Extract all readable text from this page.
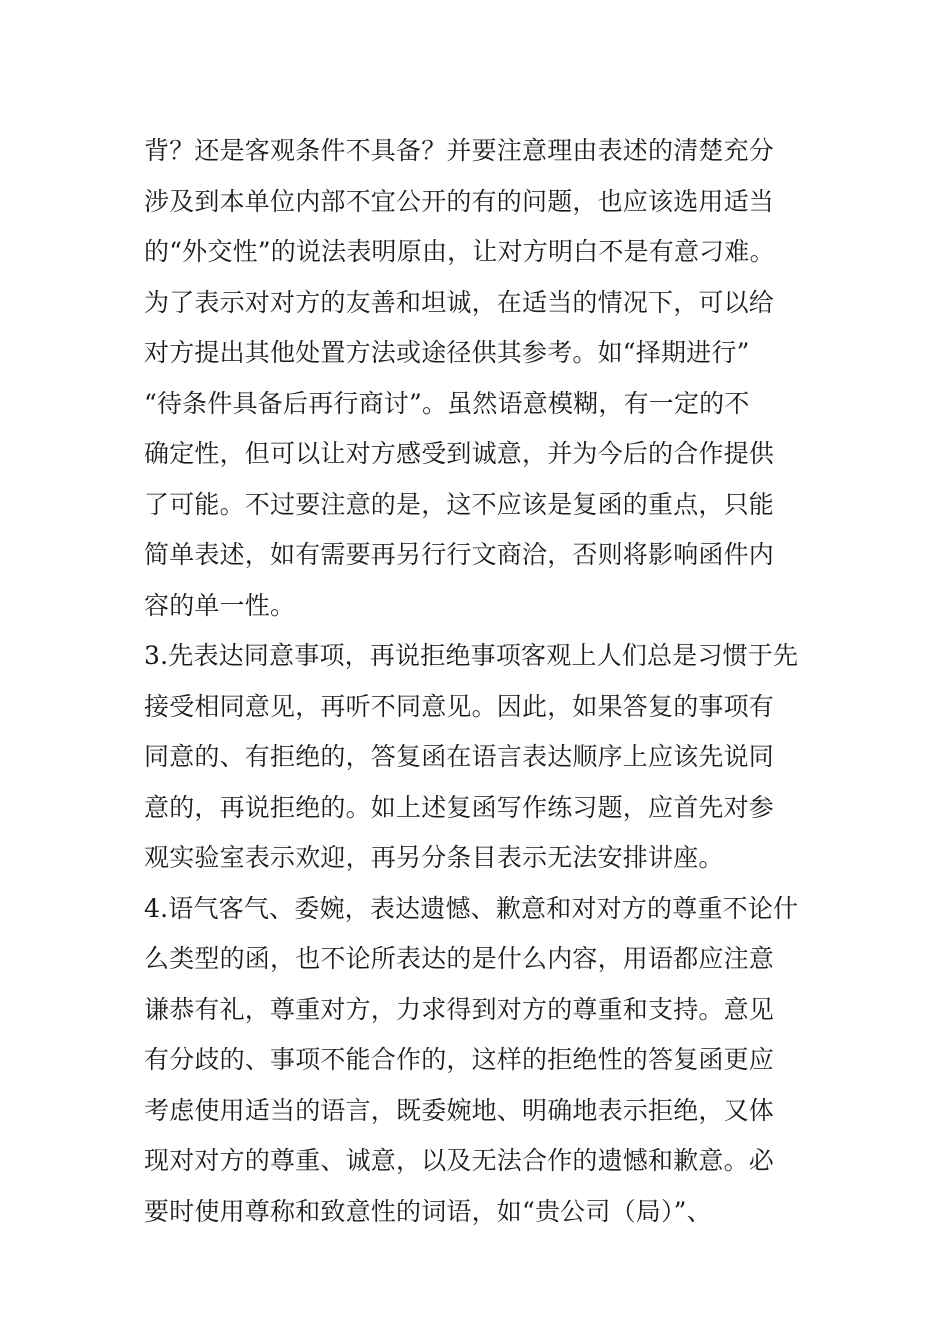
背？还是客观条件不具备？并要注意理由表述的清楚充分
涉及到本单位内部不宜公开的有的问题，也应该选用适当
的“外交性”的说法表明原由，让对方明白不是有意刁难。
为了表示对对方的友善和坦诚，在适当的情况下，可以给
对方提出其他处置方法或途径供其参考。如“择期进行”
“待条件具备后再行商讨”。虽然语意模糊，有一定的不
确定性，但可以让对方感受到诚意，并为今后的合作提供
了可能。不过要注意的是，这不应该是复函的重点，只能
简单表述，如有需要再另行行文商洽，否则将影响函件内
容的单一性。
3.先表达同意事项，再说拒绝事项客观上人们总是习惯于先
接受相同意见，再听不同意见。因此，如果答复的事项有
同意的、有拒绝的，答复函在语言表达顺序上应该先说同
意的，再说拒绝的。如上述复函写作练习题，应首先对参
观实验室表示欢迎，再另分条目表示无法安排讲座。
4.语气客气、委婉，表达遗憾、歉意和对对方的尊重不论什
么类型的函，也不论所表达的是什么内容，用语都应注意
谦恭有礼，尊重对方，力求得到对方的尊重和支持。意见
有分歧的、事项不能合作的，这样的拒绝性的答复函更应
考虑使用适当的语言，既委婉地、明确地表示拒绝，又体
现对对方的尊重、诚意，以及无法合作的遗憾和歉意。必
要时使用尊称和致意性的词语，如“贵公司（局）”、
